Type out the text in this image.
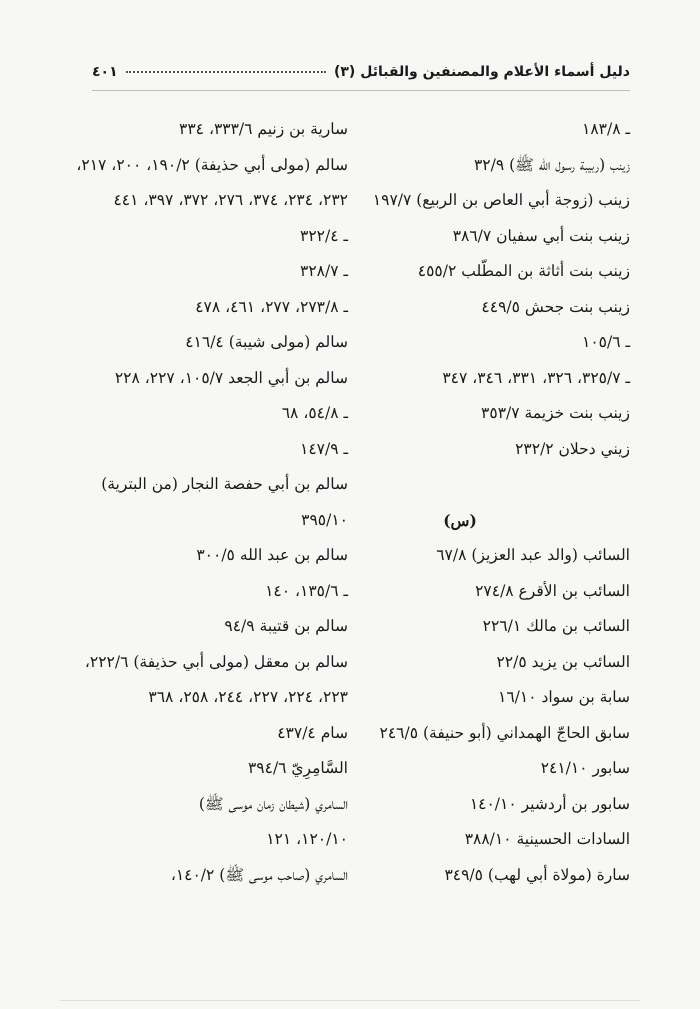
دليل أسماء الأعلام والمصنفين والقبائل (٣)
٤٠١
ـ ١٨٣/٨
زينب (ربيبة رسول الله ﷺ) ٣٢/٩
زينب (زوجة أبي العاص بن الربيع) ١٩٧/٧
زينب بنت أبي سفيان ٣٨٦/٧
زينب بنت أثاثة بن المطّلب ٤٥٥/٢
زينب بنت جحش ٤٤٩/٥
ـ ١٠٥/٦
ـ ٣٢٥/٧، ٣٢٦، ٣٣١، ٣٤٦، ٣٤٧
زينب بنت خزيمة ٣٥٣/٧
زيني دحلان ٢٣٢/٢
(س)
السائب (والد عبد العزيز) ٦٧/٨
السائب بن الأقرع ٢٧٤/٨
السائب بن مالك ٢٢٦/١
السائب بن يزيد ٢٢/٥
سابة بن سواد ١٦/١٠
سابق الحاجّ الهمداني (أبو حنيفة) ٢٤٦/٥
سابور ٢٤١/١٠
سابور بن أردشير ١٤٠/١٠
السادات الحسينية ٣٨٨/١٠
سارة (مولاة أبي لهب) ٣٤٩/٥
سارية بن زنيم ٣٣٣/٦، ٣٣٤
سالم (مولى أبي حذيفة) ١٩٠/٢، ٢٠٠، ٢١٧،
٢٣٢، ٢٣٤، ٣٧٤، ٢٧٦، ٣٧٢، ٣٩٧، ٤٤١
ـ ٣٢٢/٤
ـ ٣٢٨/٧
ـ ٢٧٣/٨، ٢٧٧، ٤٦١، ٤٧٨
سالم (مولى شيبة) ٤١٦/٤
سالم بن أبي الجعد ١٠٥/٧، ٢٢٧، ٢٢٨
ـ ٥٤/٨، ٦٨
ـ ١٤٧/٩
سالم بن أبي حفصة النجار (من البترية)
٣٩٥/١٠
سالم بن عبد الله ٣٠٠/٥
ـ ١٣٥/٦، ١٤٠
سالم بن قتيبة ٩٤/٩
سالم بن معقل (مولى أبي حذيفة) ٢٢٢/٦،
٢٢٣، ٢٢٤، ٢٢٧، ٢٤٤، ٢٥٨، ٣٦٨
سام ٤٣٧/٤
السَّامِرِيّ ٣٩٤/٦
السامري (شيطان زمان موسى ﷺ)
١٢٠/١٠، ١٢١
السامري (صاحب موسى ﷺ) ١٤٠/٢،
